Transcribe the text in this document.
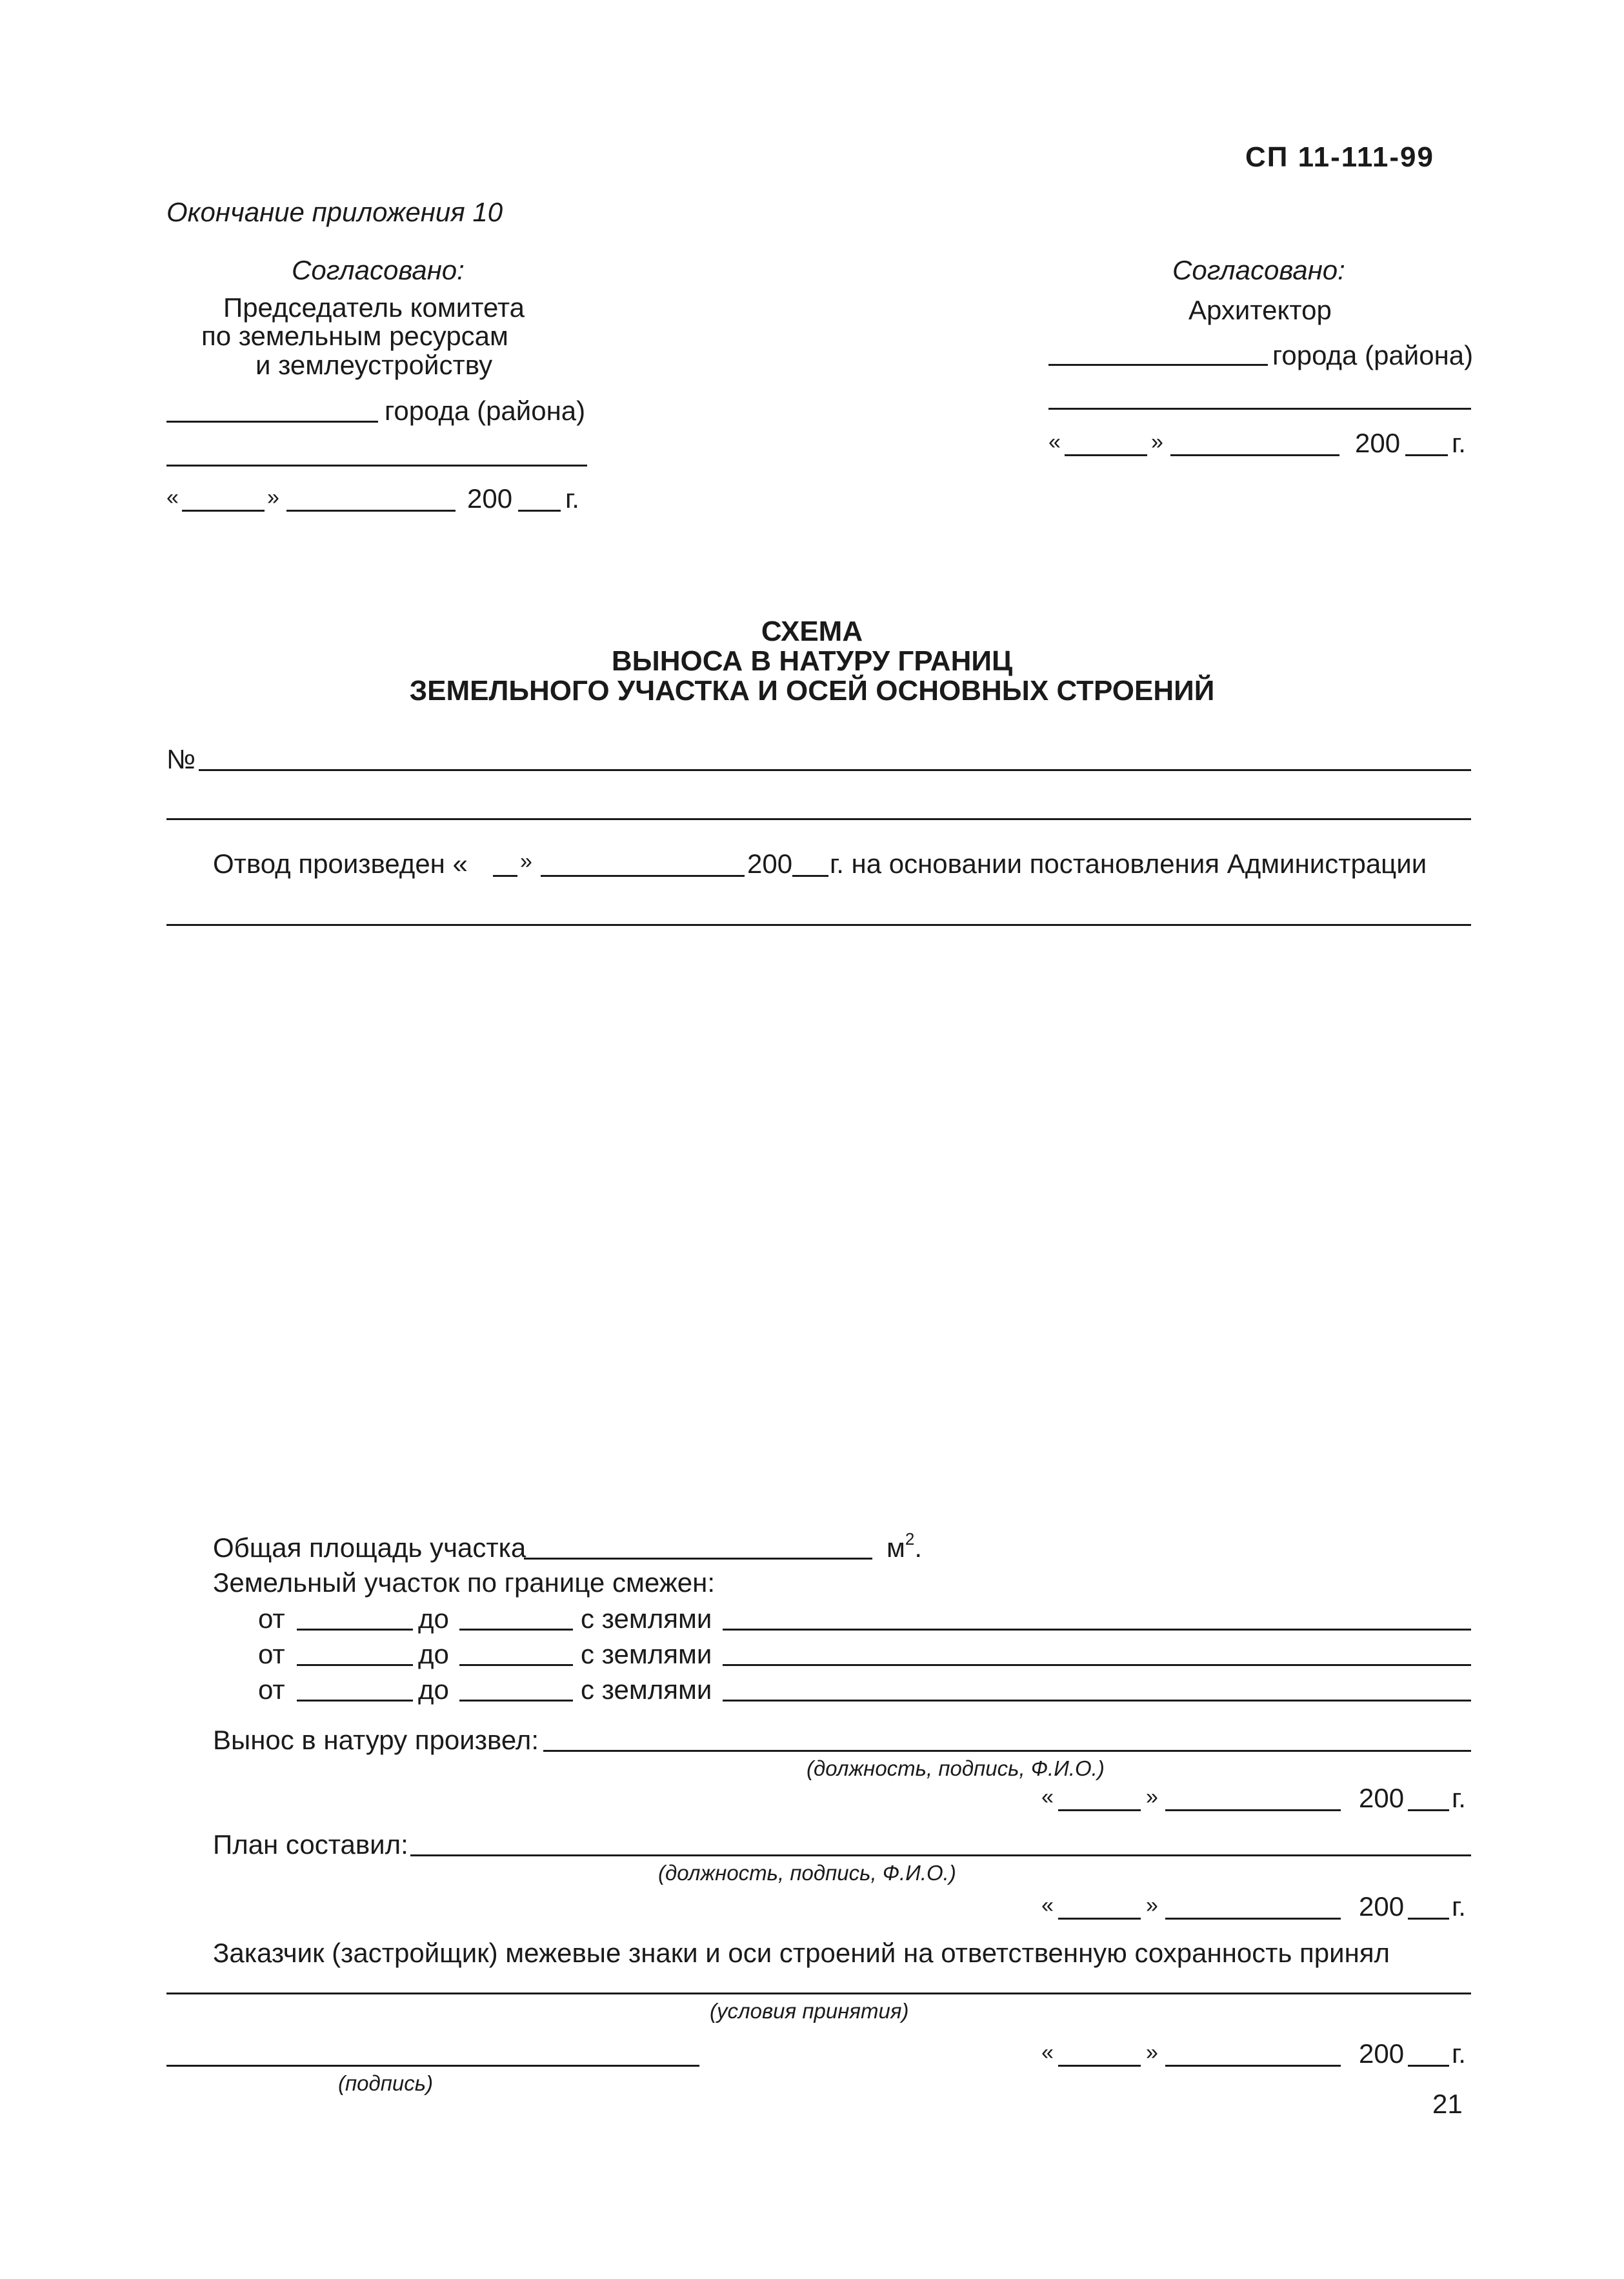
СП 11-111-99
Окончание приложения 10
Согласовано:
Председатель комитета
по земельным ресурсам
и землеустройству
города (района)
«	»	200 г.
Согласовано:
Архитектор
города (района)
«	»	200 г.
СХЕМА
ВЫНОСА В НАТУРУ ГРАНИЦ
ЗЕМЕЛЬНОГО УЧАСТКА И ОСЕЙ ОСНОВНЫХ СТРОЕНИЙ
№
Отвод произведен « »	200 г. на основании постановления Администрации
Общая площадь участка	$м^2$.
Земельный участок по границе смежен:
от	до	с землями
от	до	с землями
от	до	с землями
Вынос в натуру произвел:
(должность, подпись, Ф.И.О.)
«	»	200 г.
План составил:
(должность, подпись, Ф.И.О.)
«	»	200 г.
Заказчик (застройщик) межевые знаки и оси строений на ответственную сохранность принял
(условия принятия)
(подпись)
«	»	200 г.
21
